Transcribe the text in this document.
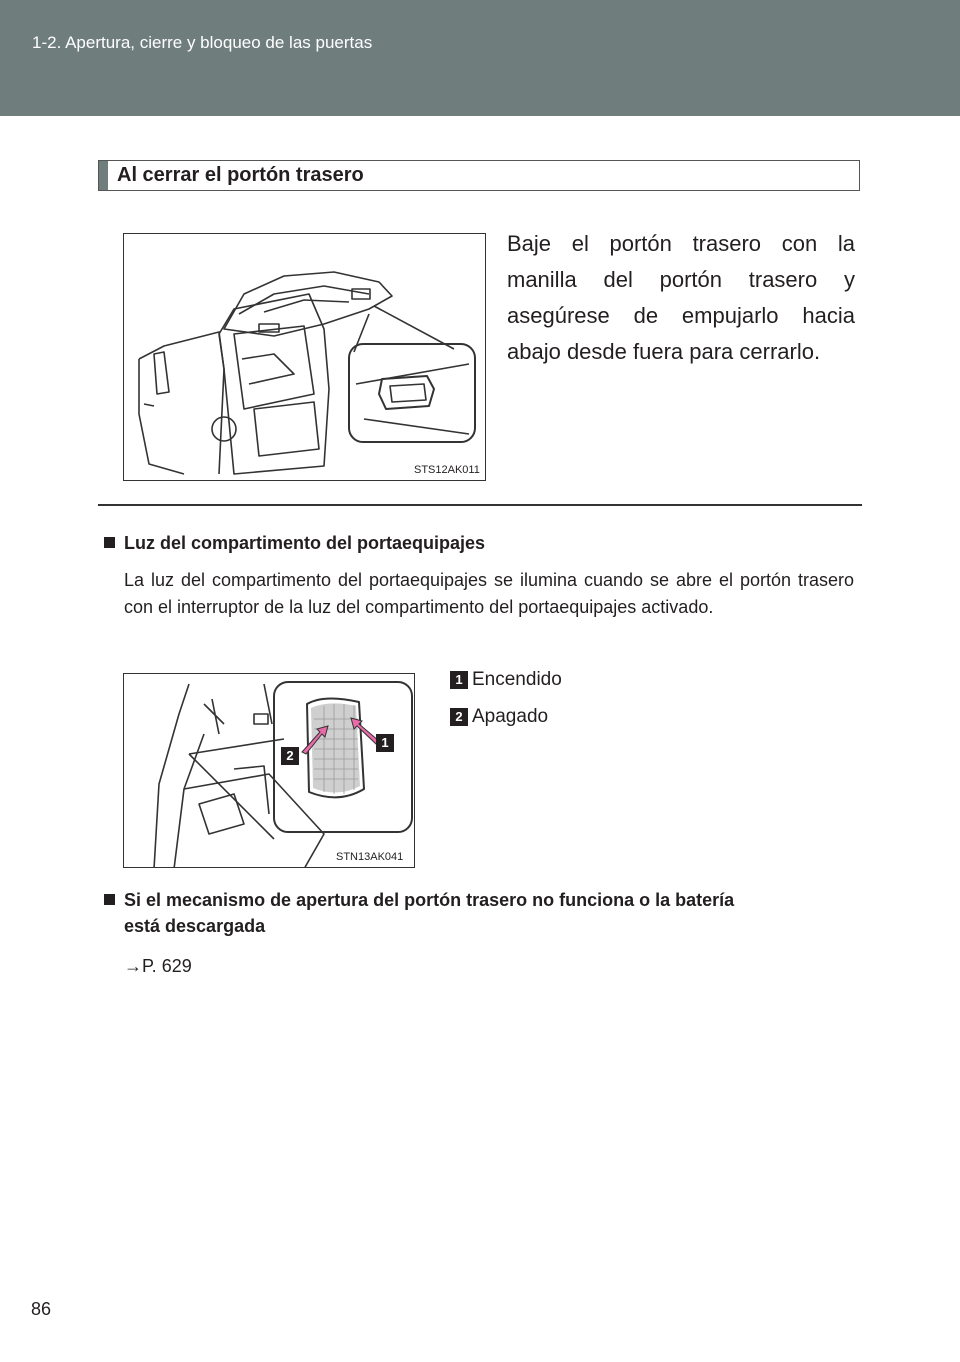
1-2. Apertura, cierre y bloqueo de las puertas
Al cerrar el portón trasero
STS12AK011
Baje el portón trasero con la manilla del portón trasero y asegúrese de empujarlo hacia abajo desde fuera para cerrarlo.
Luz del compartimento del portaequipajes
La luz del compartimento del portaequipajes se ilumina cuando se abre el portón trasero con el interruptor de la luz del compartimento del portaequipajes activado.
2
1
STN13AK041
1 Encendido
2 Apagado
Si el mecanismo de apertura del portón trasero no funciona o la batería
está descargada
→P. 629
86
